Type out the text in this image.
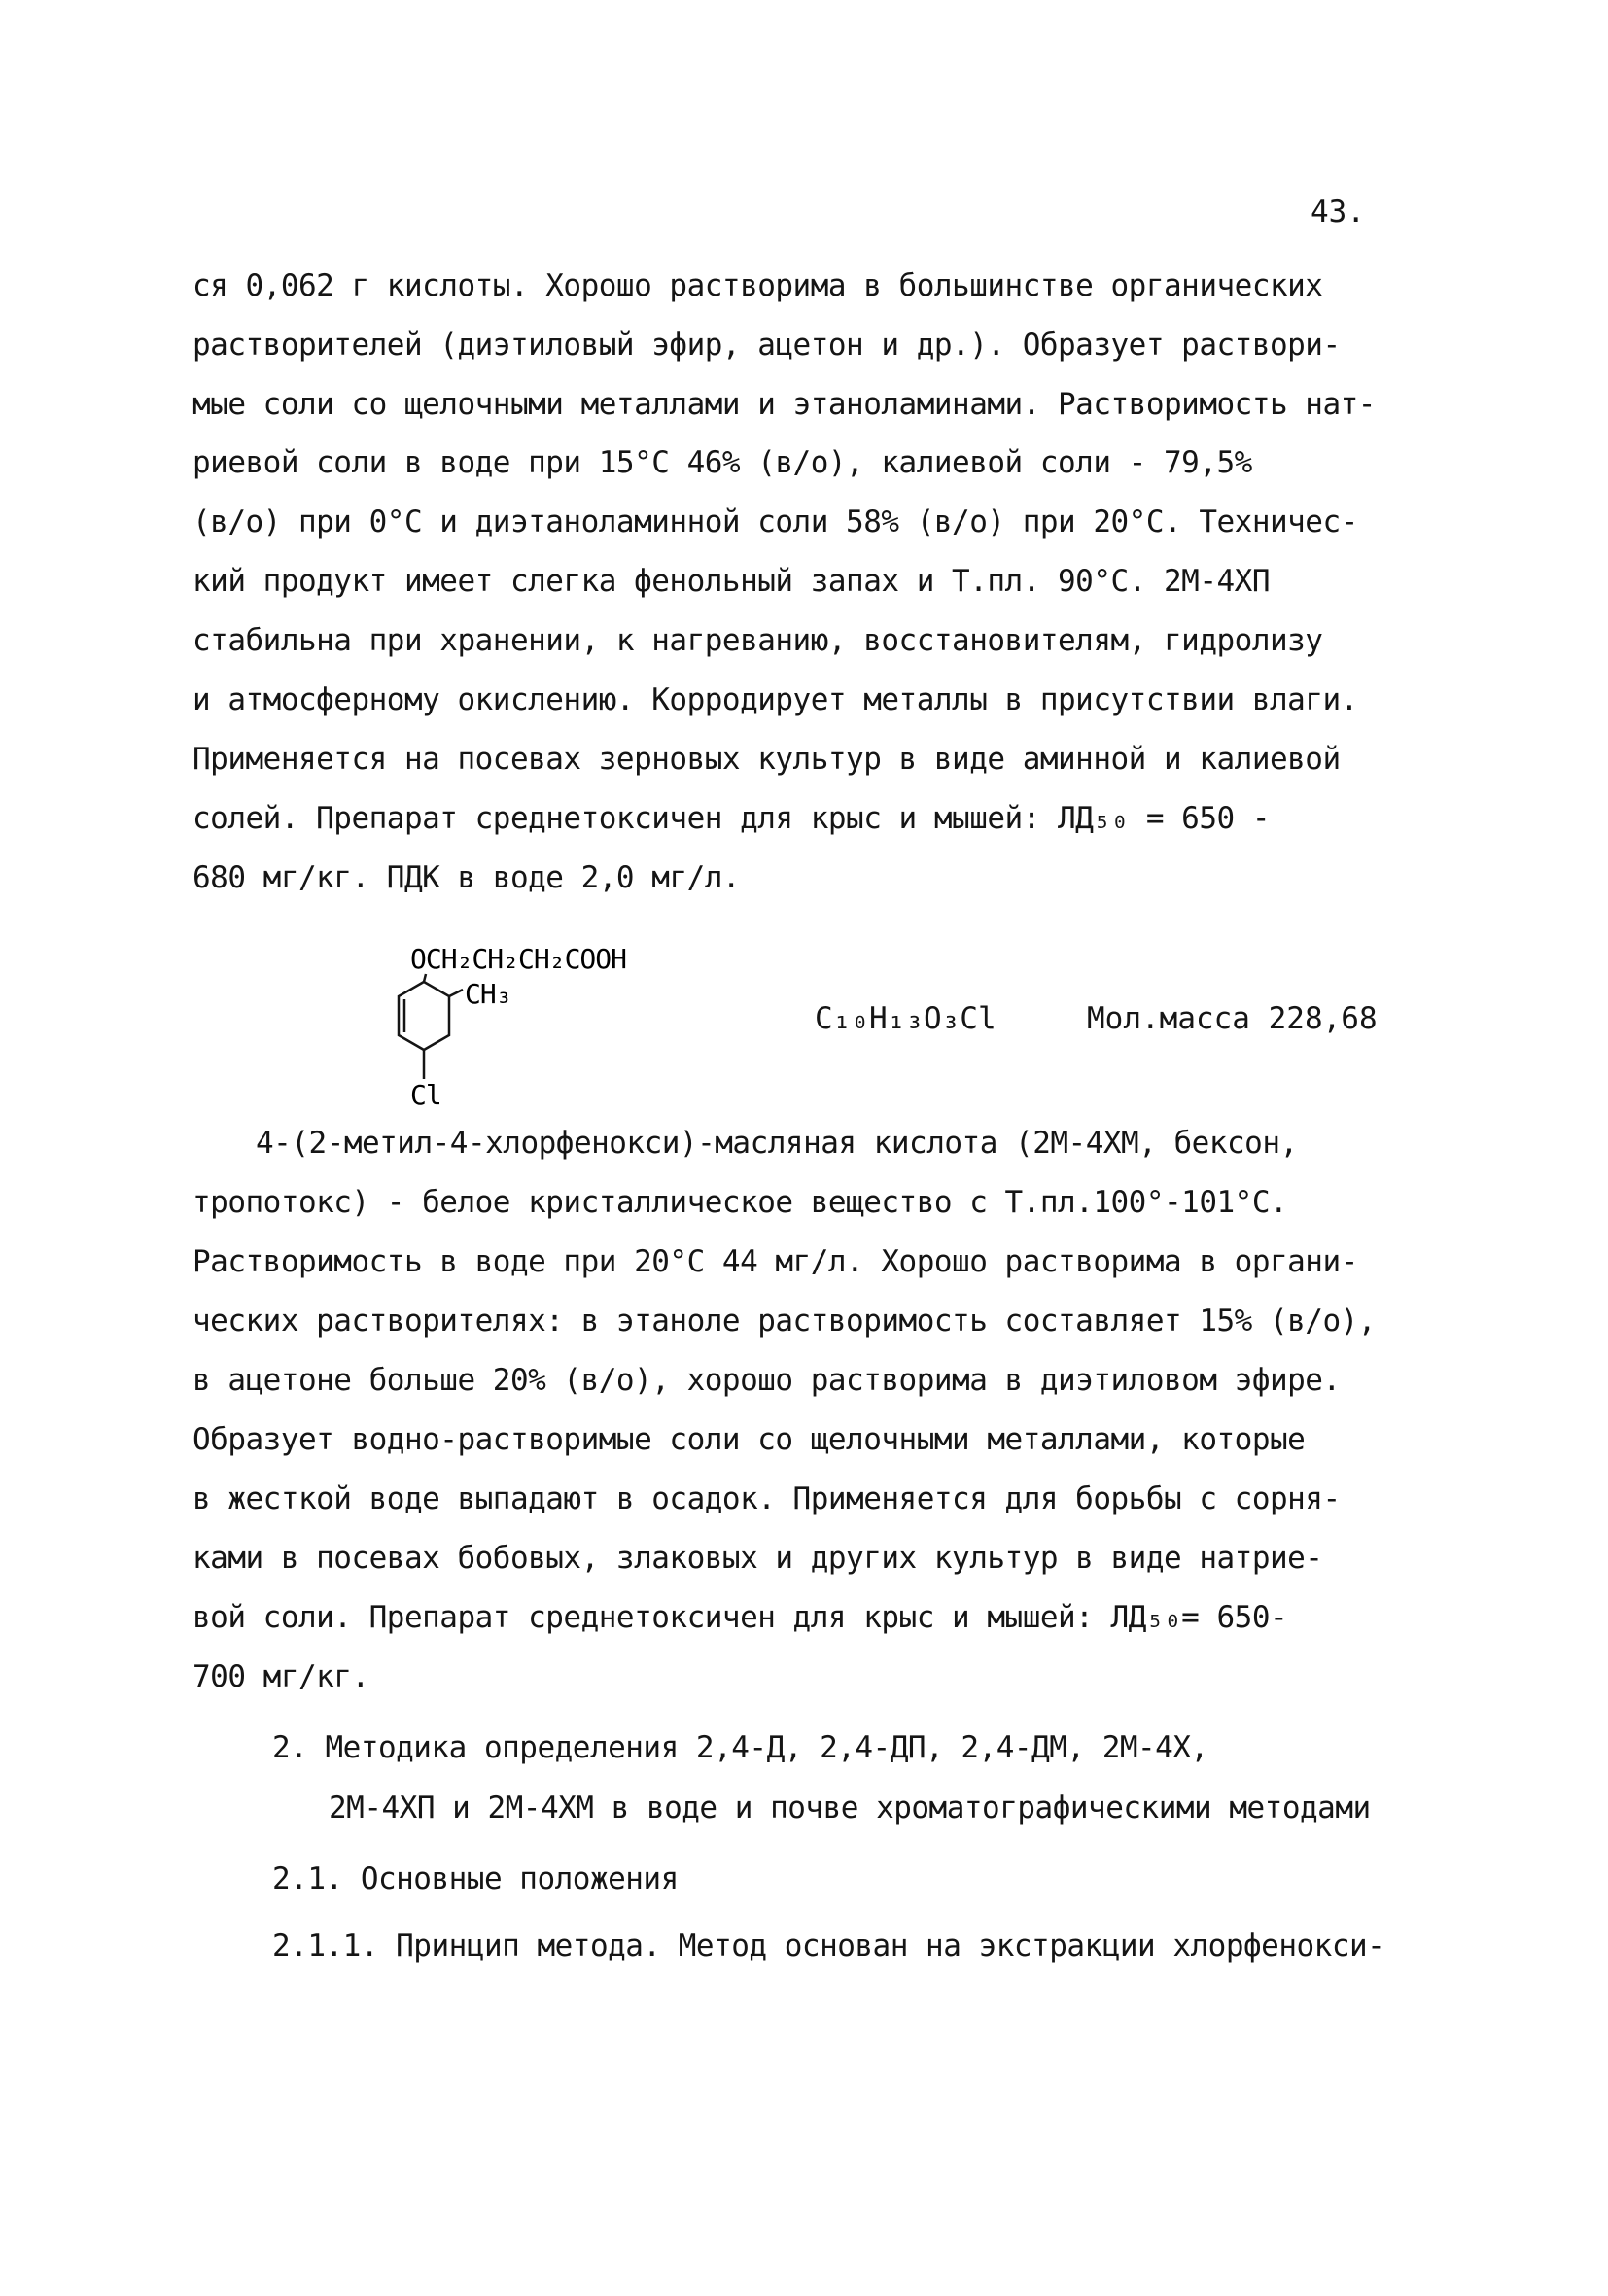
43.
ся 0,062 г кислоты. Хорошо растворима в большинстве органических
растворителей (диэтиловый эфир, ацетон и др.). Образует раствори-
мые соли со щелочными металлами и этаноламинами. Растворимость нат-
риевой соли в воде при 15°С 46% (в/о), калиевой соли - 79,5%
(в/о) при 0°С и диэтаноламинной соли 58% (в/о) при 20°С. Техничес-
кий продукт имеет слегка фенольный запах и Т.пл. 90°С. 2М-4ХП
стабильна при хранении, к нагреванию, восстановителям, гидролизу
и атмосферному окислению. Корродирует металлы в присутствии влаги.
Применяется на посевах зерновых культур в виде аминной и калиевой
солей. Препарат среднетоксичен для крыс и мышей: ЛД₅₀ = 650 -
680 мг/кг. ПДК в воде 2,0 мг/л.
OCH₂CH₂CH₂COOH
CH₃
Cl
C₁₀H₁₃O₃Cl	Мол.масса 228,68
4-(2-метил-4-хлорфенокси)-масляная кислота (2М-4ХМ, бексон,
тропотокс) - белое кристаллическое вещество с Т.пл.100°-101°С.
Растворимость в воде при 20°С 44 мг/л. Хорошо растворима в органи-
ческих растворителях: в этаноле растворимость составляет 15% (в/о),
в ацетоне больше 20% (в/о), хорошо растворима в диэтиловом эфире.
Образует водно-растворимые соли со щелочными металлами, которые
в жесткой воде выпадают в осадок. Применяется для борьбы с сорня-
ками в посевах бобовых, злаковых и других культур в виде натрие-
вой соли. Препарат среднетоксичен для крыс и мышей: ЛД₅₀= 650-
700 мг/кг.
2. Методика определения 2,4-Д, 2,4-ДП, 2,4-ДМ, 2М-4Х,
2М-4ХП и 2М-4ХМ в воде и почве хроматографическими методами
2.1. Основные положения
2.1.1. Принцип метода. Метод основан на экстракции хлорфенокси-
